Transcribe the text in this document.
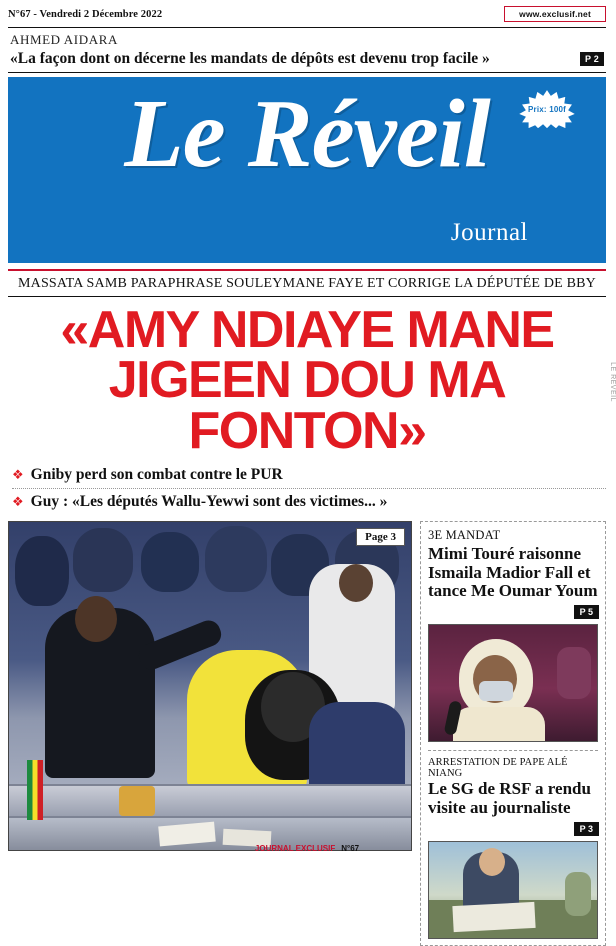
N°67 - Vendredi 2 Décembre 2022	www.exclusif.net
AHMED AIDARA
«La façon dont on décerne les mandats de dépôts est devenu trop facile »	P 2
Le Réveil
Journal
Prix: 100f
MASSATA SAMB PARAPHRASE SOULEYMANE FAYE ET CORRIGE LA DÉPUTÉE DE BBY
«AMY NDIAYE MANE
JIGEEN DOU MA FONTON»
❖ Gniby perd son combat contre le PUR
❖ Guy : «Les députés Wallu-Yewwi sont des victimes... »
Page 3	3E MANDAT
Mimi Touré raisonne Ismaila Madior Fall et tance Me Oumar Youm
P 5
ARRESTATION DE PAPE ALÉ NIANG
Le SG de RSF a rendu visite au journaliste
P 3
LE RÉVEIL
JOURNAL EXCLUSIF N°67
